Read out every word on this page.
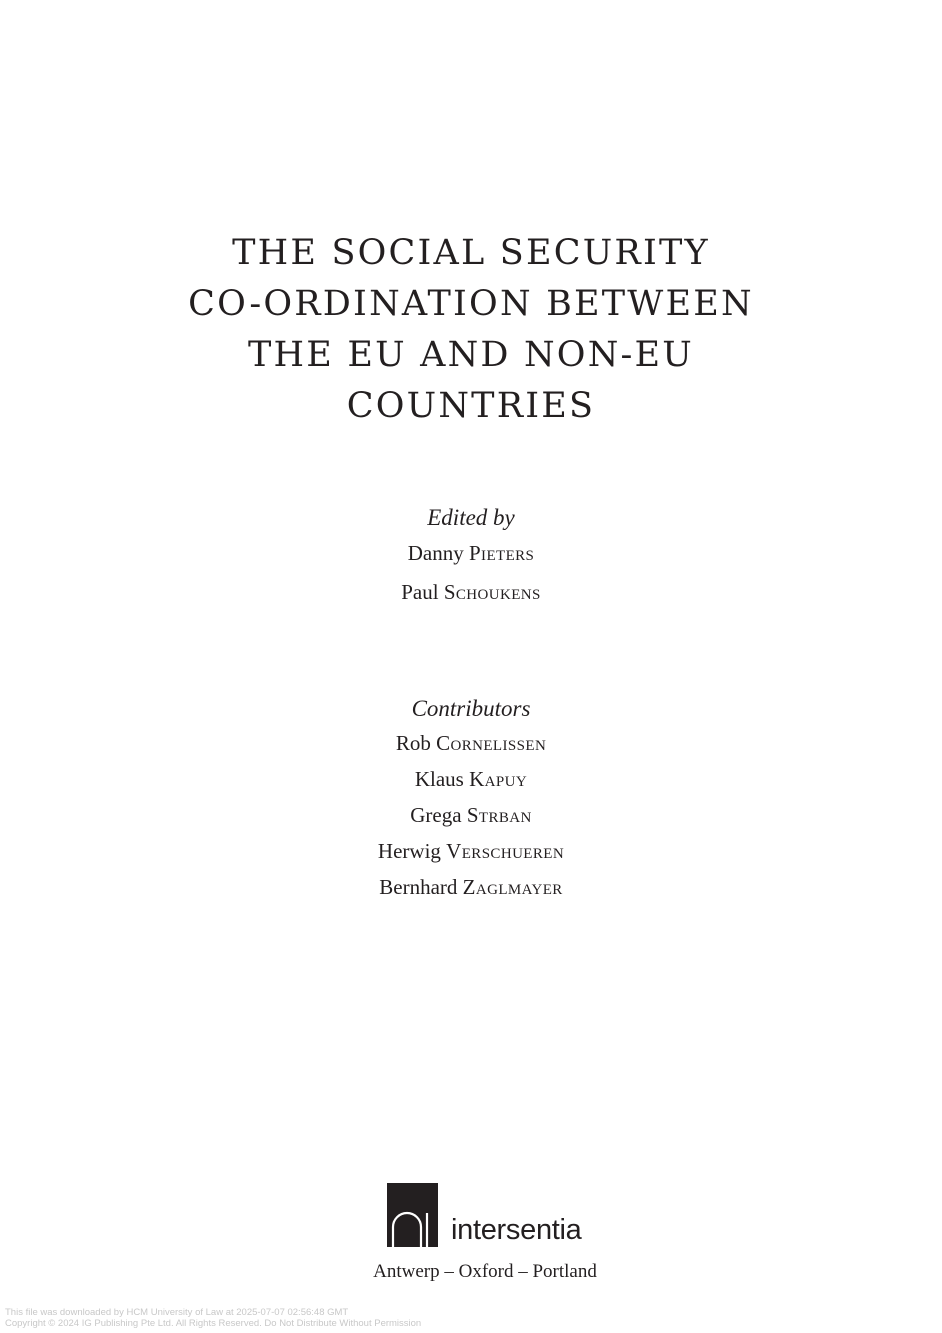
THE SOCIAL SECURITY
CO-ORDINATION BETWEEN
THE EU AND NON-EU
COUNTRIES
Edited by
Danny Pieters
Paul Schoukens
Contributors
Rob Cornelissen
Klaus Kapuy
Grega Strban
Herwig Verschueren
Bernhard Zaglmayer
intersentia
Antwerp – Oxford – Portland
This file was downloaded by HCM University of Law at 2025-07-07 02:56:48 GMT
Copyright © 2024 IG Publishing Pte Ltd. All Rights Reserved. Do Not Distribute Without Permission
